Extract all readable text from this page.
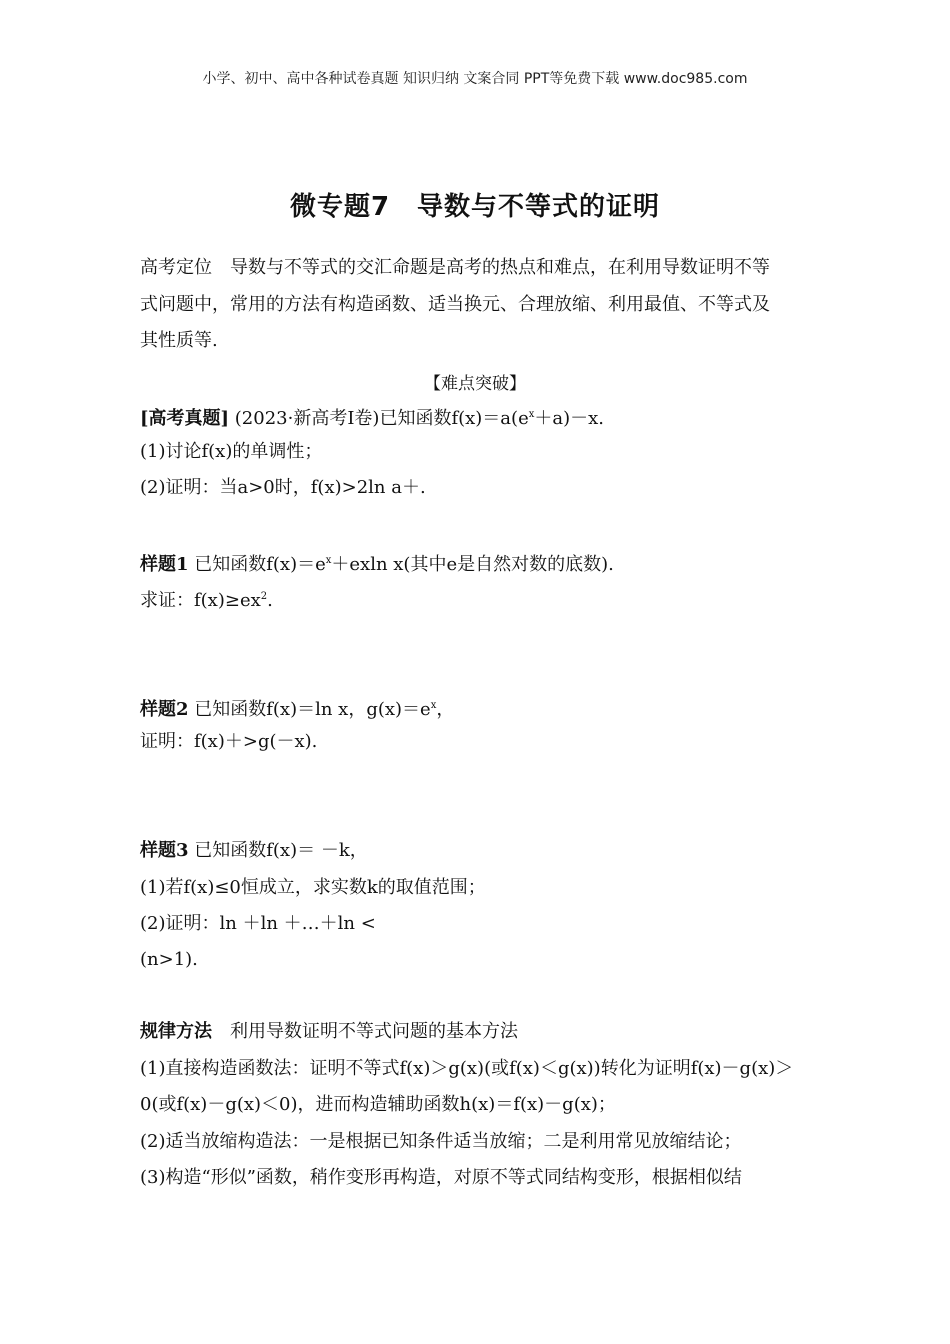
小学、初中、高中各种试卷真题 知识归纳 文案合同 PPT等免费下载 www.doc985.com
微专题7　导数与不等式的证明
高考定位　导数与不等式的交汇命题是高考的热点和难点，在利用导数证明不等
式问题中，常用的方法有构造函数、适当换元、合理放缩、利用最值、不等式及
其性质等.
【难点突破】
[高考真题] (2023·新高考Ⅰ卷)已知函数$f(x)=a(e^x+a)-x$.
(1)讨论f(x)的单调性；
(2)证明：当a>0时，f(x)>2ln a＋.
样题1 已知函数$f(x)=e^x+exln$ x(其中e是自然对数的底数).
求证：$f(x)\ge ex^2$.
样题2 已知函数f(x)＝ln x，$g(x)=e^x$，
证明：f(x)＋>g(－x).
样题3 已知函数f(x)＝ －k，
(1)若f(x)≤0恒成立，求实数k的取值范围；
(2)证明：ln ＋ln ＋…＋ln <
(n>1).
规律方法　利用导数证明不等式问题的基本方法
(1)直接构造函数法：证明不等式f(x)＞g(x)(或f(x)＜g(x))转化为证明f(x)－g(x)＞
0(或f(x)－g(x)＜0)，进而构造辅助函数h(x)＝f(x)－g(x)；
(2)适当放缩构造法：一是根据已知条件适当放缩；二是利用常见放缩结论；
(3)构造“形似”函数，稍作变形再构造，对原不等式同结构变形，根据相似结
